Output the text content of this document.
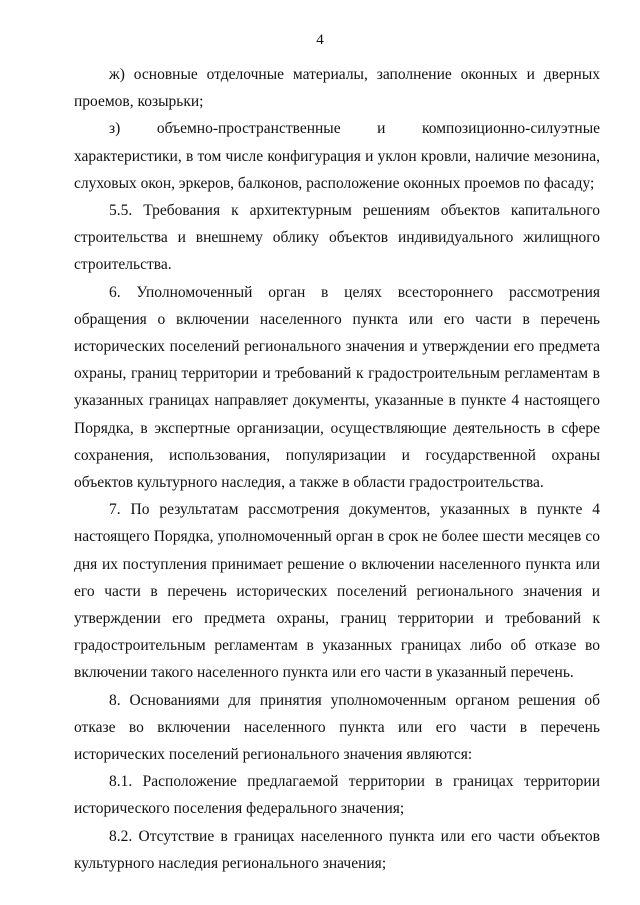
4

ж) основные отделочные материалы, заполнение оконных и дверных проемов, козырьки;

з) объемно-пространственные и композиционно-силуэтные характеристики, в том числе конфигурация и уклон кровли, наличие мезонина, слуховых окон, эркеров, балконов, расположение оконных проемов по фасаду;

5.5. Требования к архитектурным решениям объектов капитального строительства и внешнему облику объектов индивидуального жилищного строительства.

6. Уполномоченный орган в целях всестороннего рассмотрения обращения о включении населенного пункта или его части в перечень исторических поселений регионального значения и утверждении его предмета охраны, границ территории и требований к градостроительным регламентам в указанных границах направляет документы, указанные в пункте 4 настоящего Порядка, в экспертные организации, осуществляющие деятельность в сфере сохранения, использования, популяризации и государственной охраны объектов культурного наследия, а также в области градостроительства.

7. По результатам рассмотрения документов, указанных в пункте 4 настоящего Порядка, уполномоченный орган в срок не более шести месяцев со дня их поступления принимает решение о включении населенного пункта или его части в перечень исторических поселений регионального значения и утверждении его предмета охраны, границ территории и требований к градостроительным регламентам в указанных границах либо об отказе во включении такого населенного пункта или его части в указанный перечень.

8. Основаниями для принятия уполномоченным органом решения об отказе во включении населенного пункта или его части в перечень исторических поселений регионального значения являются:

8.1. Расположение предлагаемой территории в границах территории исторического поселения федерального значения;

8.2. Отсутствие в границах населенного пункта или его части объектов культурного наследия регионального значения;
